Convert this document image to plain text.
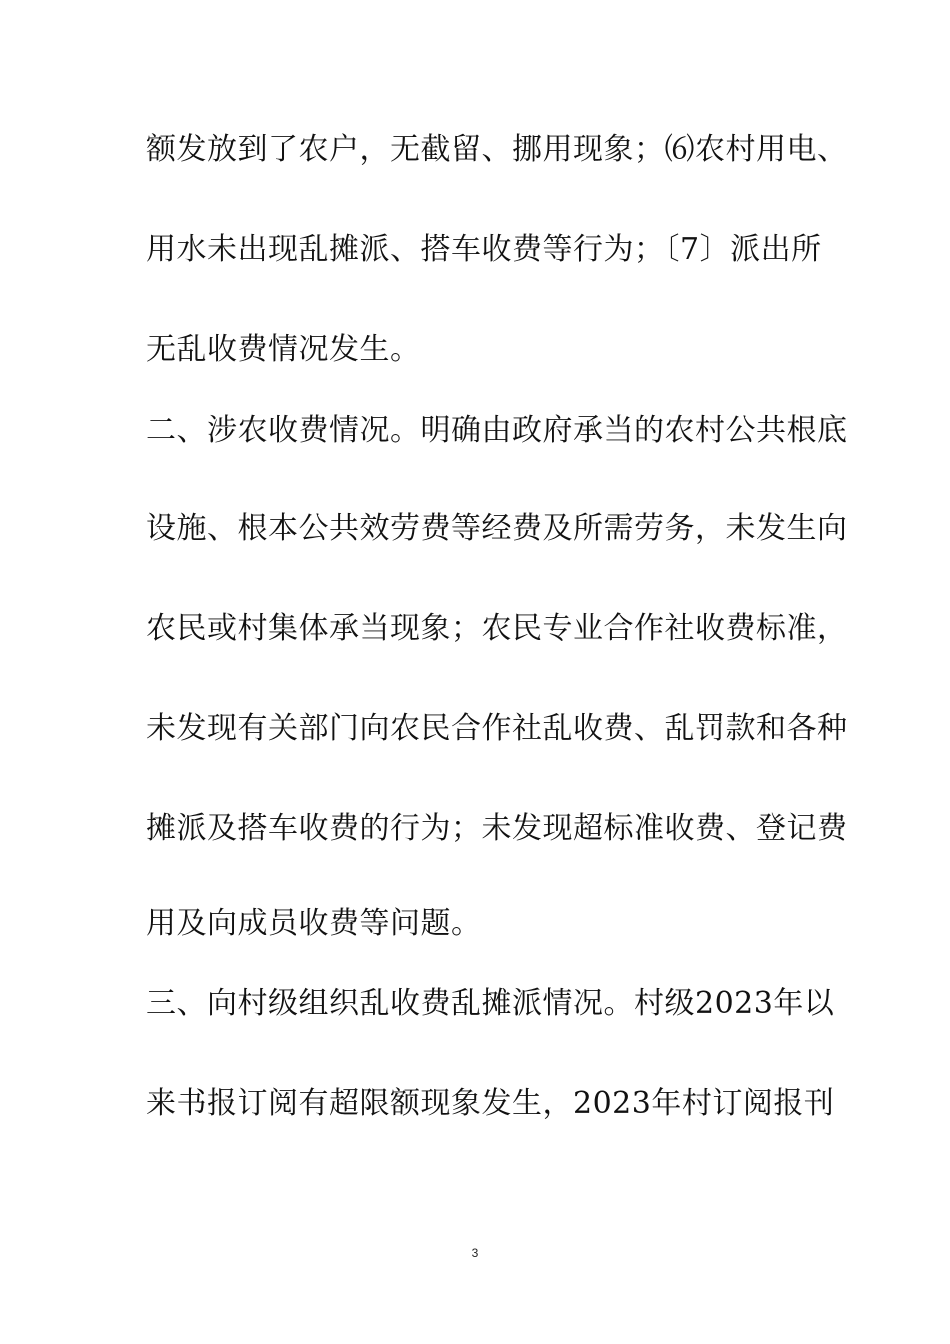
额发放到了农户，无截留、挪用现象；⑹农村用电、
用水未出现乱摊派、搭车收费等行为；〔7〕派出所
无乱收费情况发生。
二、涉农收费情况。明确由政府承当的农村公共根底
设施、根本公共效劳费等经费及所需劳务，未发生向
农民或村集体承当现象；农民专业合作社收费标准，
未发现有关部门向农民合作社乱收费、乱罚款和各种
摊派及搭车收费的行为；未发现超标准收费、登记费
用及向成员收费等问题。
三、向村级组织乱收费乱摊派情况。村级2023年以
来书报订阅有超限额现象发生，2023年村订阅报刊
3
